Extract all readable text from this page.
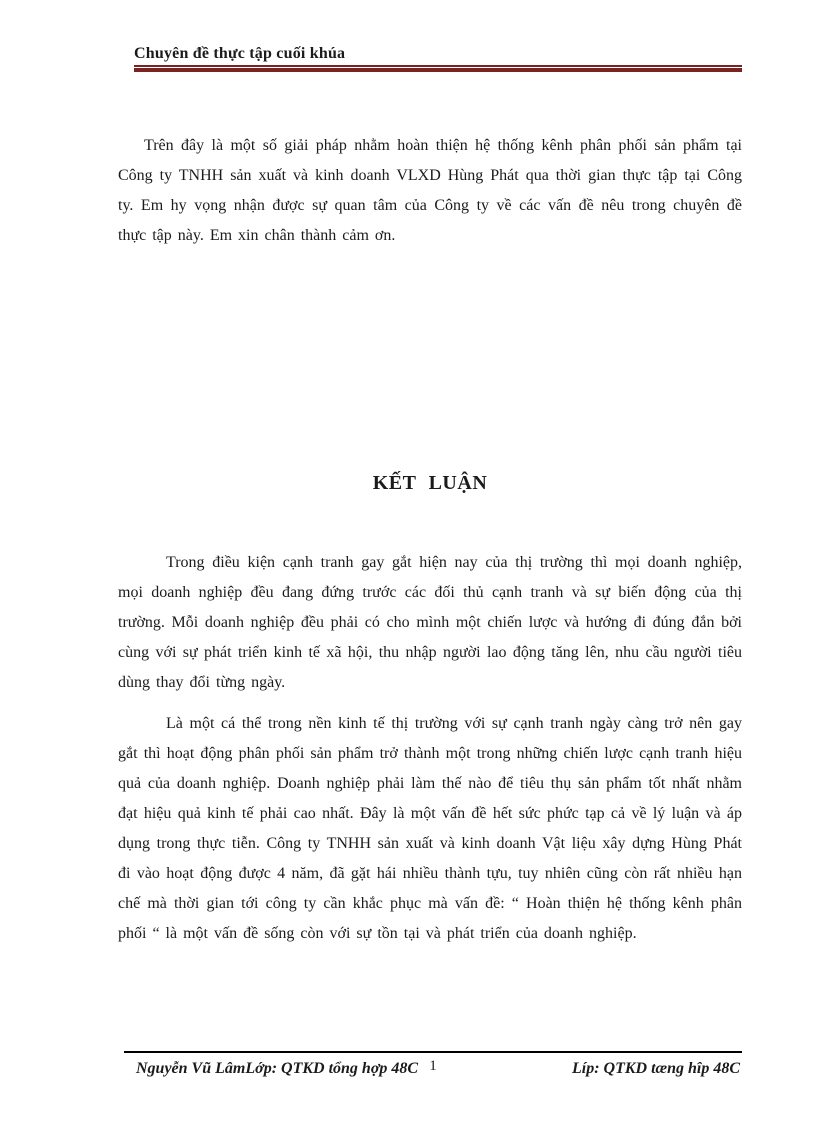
Chuyên đề thực tập cuối khúa

Trên đây là một số giải pháp nhằm hoàn thiện hệ thống kênh phân phối sản phẩm tại Công ty TNHH sản xuất và kinh doanh VLXD Hùng Phát qua thời gian thực tập tại Công ty. Em hy vọng nhận được sự quan tâm của Công ty về các vấn đề nêu trong chuyên đề thực tập này. Em xin chân thành cảm ơn.

KẾT LUẬN

Trong điều kiện cạnh tranh gay gắt hiện nay của thị trường thì mọi doanh nghiệp, mọi doanh nghiệp đều đang đứng trước các đối thủ cạnh tranh và sự biến động của thị trường. Mỗi doanh nghiệp đều phải có cho mình một chiến lược và hướng đi đúng đắn bởi cùng với sự phát triển kinh tế xã hội, thu nhập người lao động tăng lên, nhu cầu người tiêu dùng thay đổi từng ngày.

Là một cá thể trong nền kinh tế thị trường với sự cạnh tranh ngày càng trở nên gay gắt thì hoạt động phân phối sản phẩm trở thành một trong những chiến lược cạnh tranh hiệu quả của doanh nghiệp. Doanh nghiệp phải làm thế nào để tiêu thụ sản phẩm tốt nhất nhằm đạt hiệu quả kinh tế phải cao nhất. Đây là một vấn đề hết sức phức tạp cả về lý luận và áp dụng trong thực tiễn. Công ty TNHH sản xuất và kinh doanh Vật liệu xây dựng Hùng Phát đi vào hoạt động được 4 năm, đã gặt hái nhiều thành tựu, tuy nhiên cũng còn rất nhiều hạn chế mà thời gian tới công ty cần khắc phục mà vấn đề: “ Hoàn thiện hệ thống kênh phân phối “ là một vấn đề sống còn với sự tồn tại và phát triển của doanh nghiệp.

Nguyễn Vũ LâmLớp: QTKD tổng hợp 48C 1	Líp: QTKD tæng hîp 48C
